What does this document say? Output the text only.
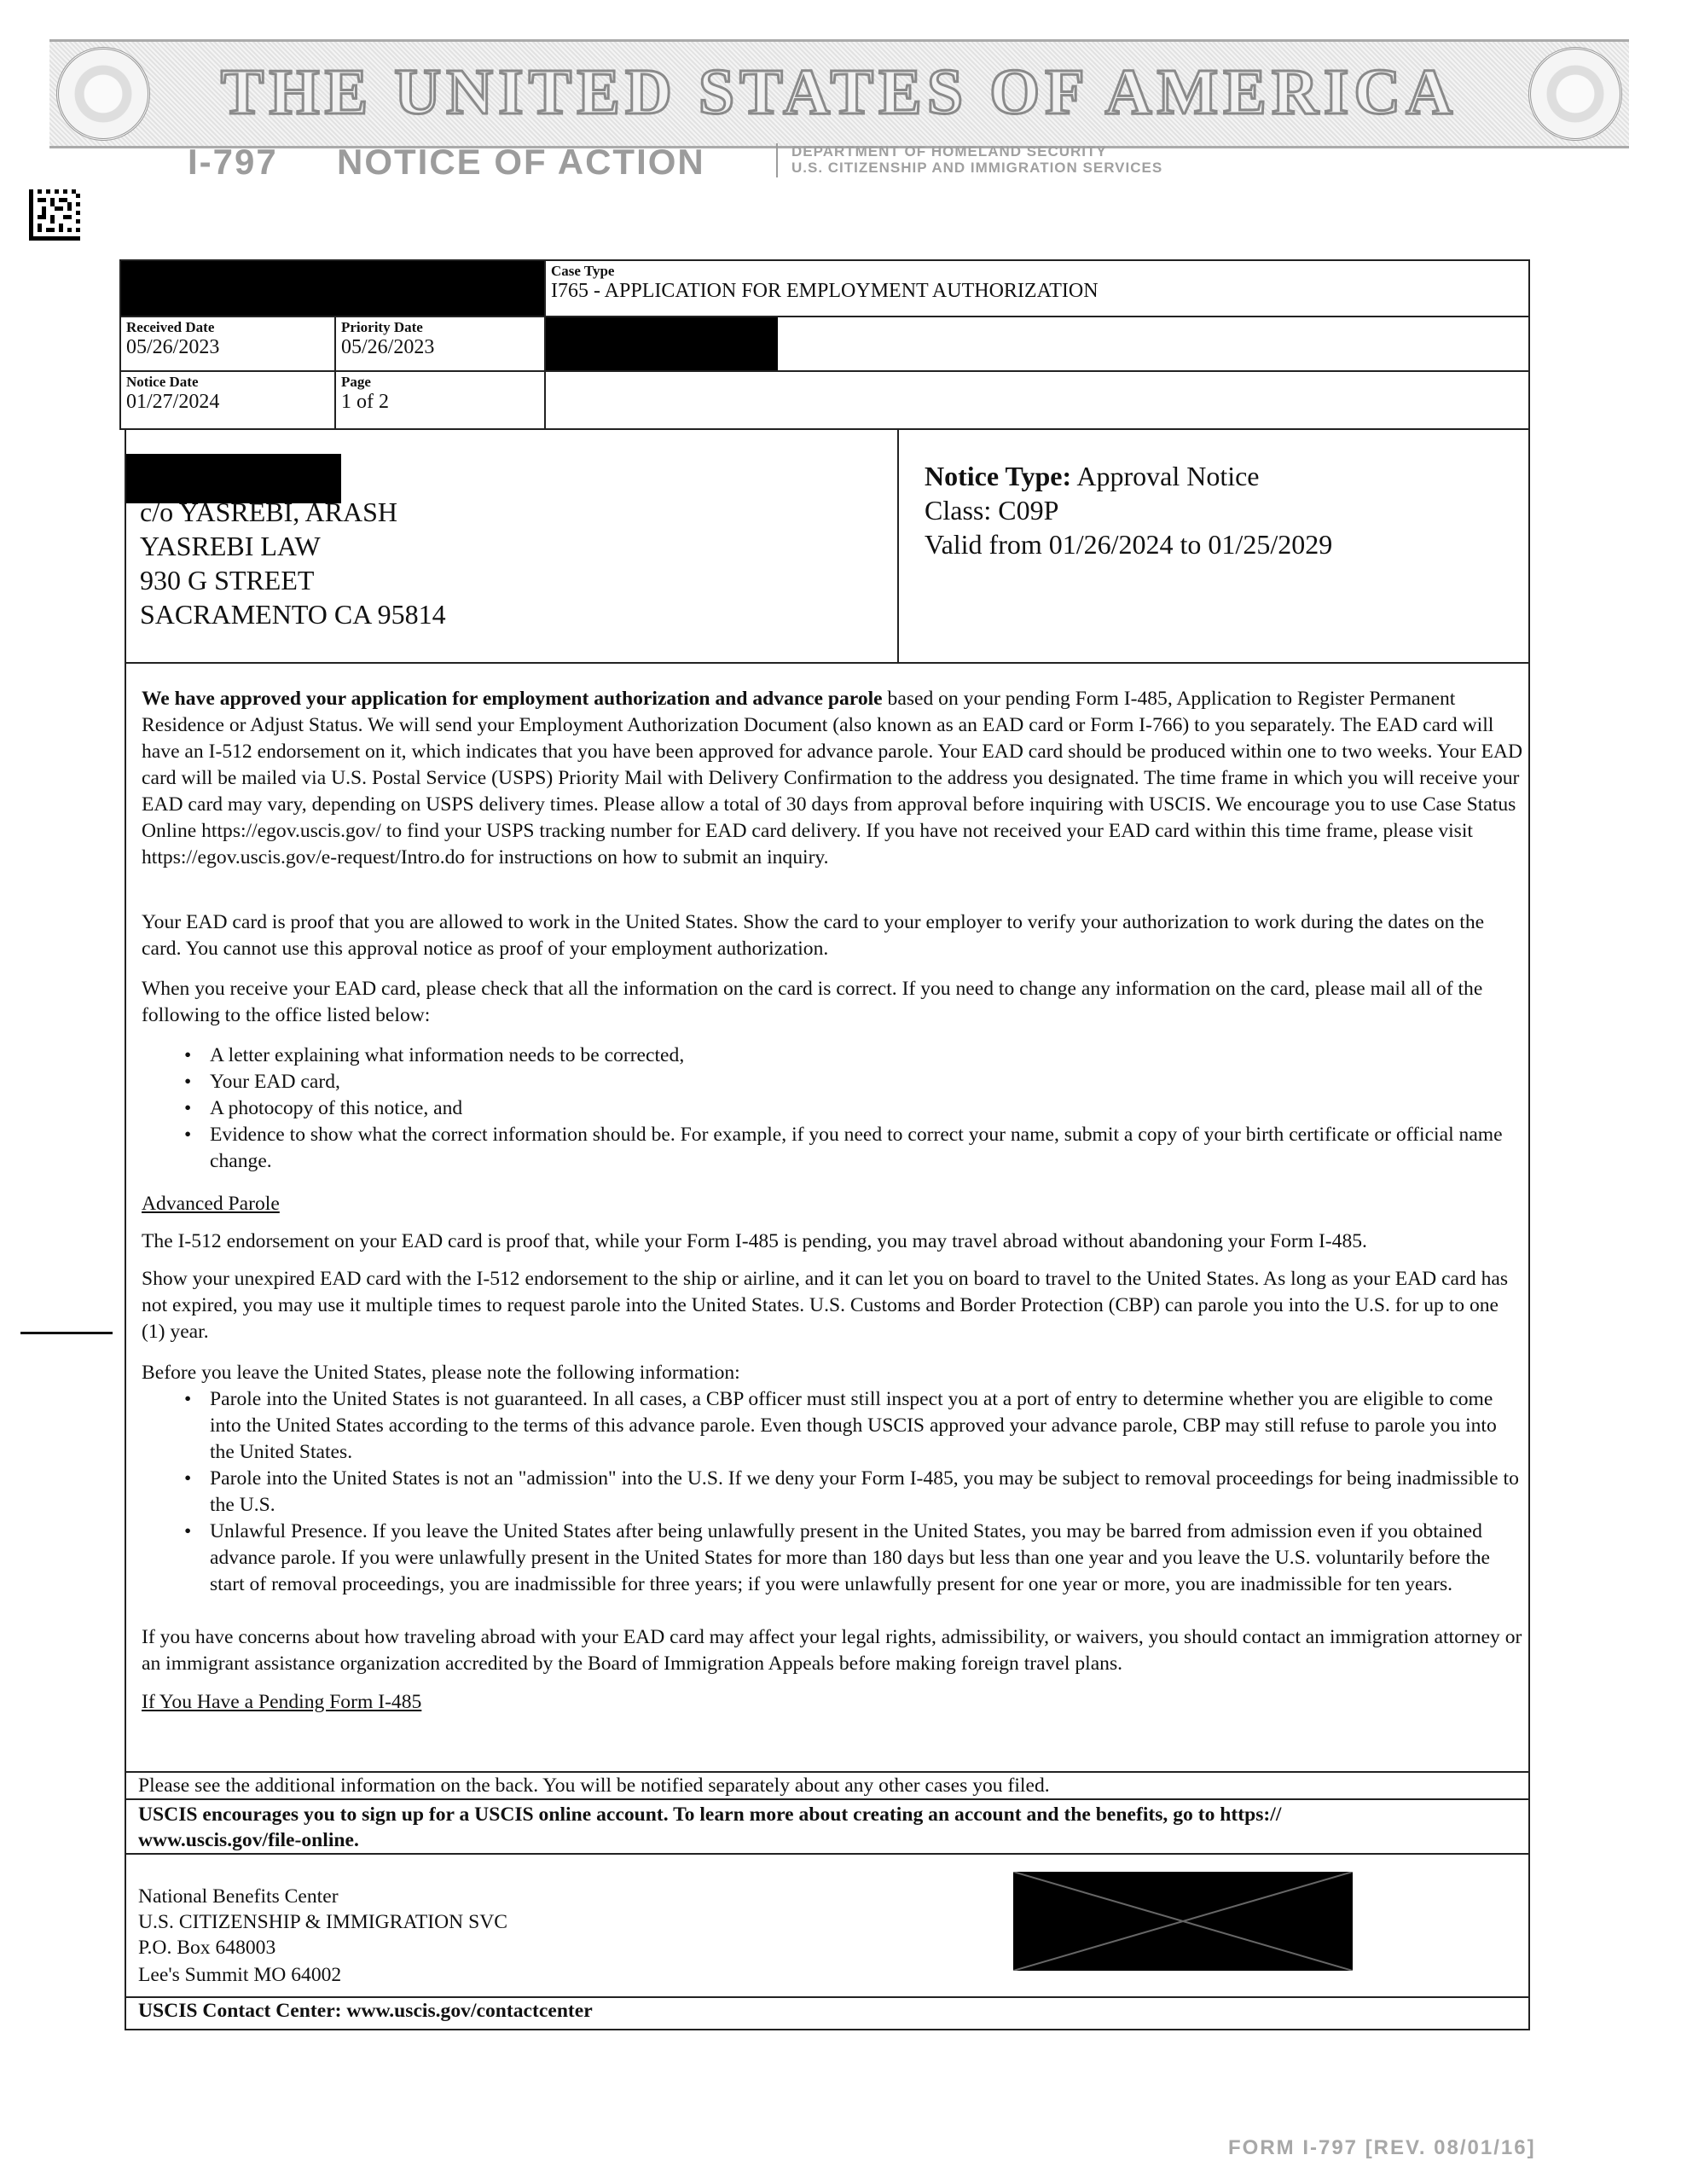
THE UNITED STATES OF AMERICA
I-797 NOTICE OF ACTION	DEPARTMENT OF HOMELAND SECURITY
U.S. CITIZENSHIP AND IMMIGRATION SERVICES
Case Type
I765 - APPLICATION FOR EMPLOYMENT AUTHORIZATION
Received Date
05/26/2023
Priority Date
05/26/2023
Notice Date
01/27/2024
Page
1 of 2
c/o YASREBI, ARASH
YASREBI LAW
930 G STREET
SACRAMENTO CA 95814
Notice Type: Approval Notice
Class: C09P
Valid from 01/26/2024 to 01/25/2029
We have approved your application for employment authorization and advance parole based on your pending Form I-485, Application to Register Permanent Residence or Adjust Status. We will send your Employment Authorization Document (also known as an EAD card or Form I-766) to you separately. The EAD card will have an I-512 endorsement on it, which indicates that you have been approved for advance parole. Your EAD card should be produced within one to two weeks. Your EAD card will be mailed via U.S. Postal Service (USPS) Priority Mail with Delivery Confirmation to the address you designated. The time frame in which you will receive your EAD card may vary, depending on USPS delivery times. Please allow a total of 30 days from approval before inquiring with USCIS. We encourage you to use Case Status Online https://egov.uscis.gov/ to find your USPS tracking number for EAD card delivery. If you have not received your EAD card within this time frame, please visit https://egov.uscis.gov/e-request/Intro.do for instructions on how to submit an inquiry.
Your EAD card is proof that you are allowed to work in the United States. Show the card to your employer to verify your authorization to work during the dates on the card. You cannot use this approval notice as proof of your employment authorization.
When you receive your EAD card, please check that all the information on the card is correct. If you need to change any information on the card, please mail all of the following to the office listed below:
• A letter explaining what information needs to be corrected,
• Your EAD card,
• A photocopy of this notice, and
• Evidence to show what the correct information should be. For example, if you need to correct your name, submit a copy of your birth certificate or official name change.
Advanced Parole
The I-512 endorsement on your EAD card is proof that, while your Form I-485 is pending, you may travel abroad without abandoning your Form I-485.
Show your unexpired EAD card with the I-512 endorsement to the ship or airline, and it can let you on board to travel to the United States. As long as your EAD card has not expired, you may use it multiple times to request parole into the United States. U.S. Customs and Border Protection (CBP) can parole you into the U.S. for up to one (1) year.
Before you leave the United States, please note the following information:
• Parole into the United States is not guaranteed. In all cases, a CBP officer must still inspect you at a port of entry to determine whether you are eligible to come into the United States according to the terms of this advance parole. Even though USCIS approved your advance parole, CBP may still refuse to parole you into the United States.
• Parole into the United States is not an "admission" into the U.S. If we deny your Form I-485, you may be subject to removal proceedings for being inadmissible to the U.S.
• Unlawful Presence. If you leave the United States after being unlawfully present in the United States, you may be barred from admission even if you obtained advance parole. If you were unlawfully present in the United States for more than 180 days but less than one year and you leave the U.S. voluntarily before the start of removal proceedings, you are inadmissible for three years; if you were unlawfully present for one year or more, you are inadmissible for ten years.
If you have concerns about how traveling abroad with your EAD card may affect your legal rights, admissibility, or waivers, you should contact an immigration attorney or an immigrant assistance organization accredited by the Board of Immigration Appeals before making foreign travel plans.
If You Have a Pending Form I-485
Please see the additional information on the back. You will be notified separately about any other cases you filed.
USCIS encourages you to sign up for a USCIS online account. To learn more about creating an account and the benefits, go to https:// www.uscis.gov/file-online.
National Benefits Center
U.S. CITIZENSHIP & IMMIGRATION SVC
P.O. Box 648003
Lee's Summit MO 64002
USCIS Contact Center: www.uscis.gov/contactcenter
FORM I-797 [REV. 08/01/16]
